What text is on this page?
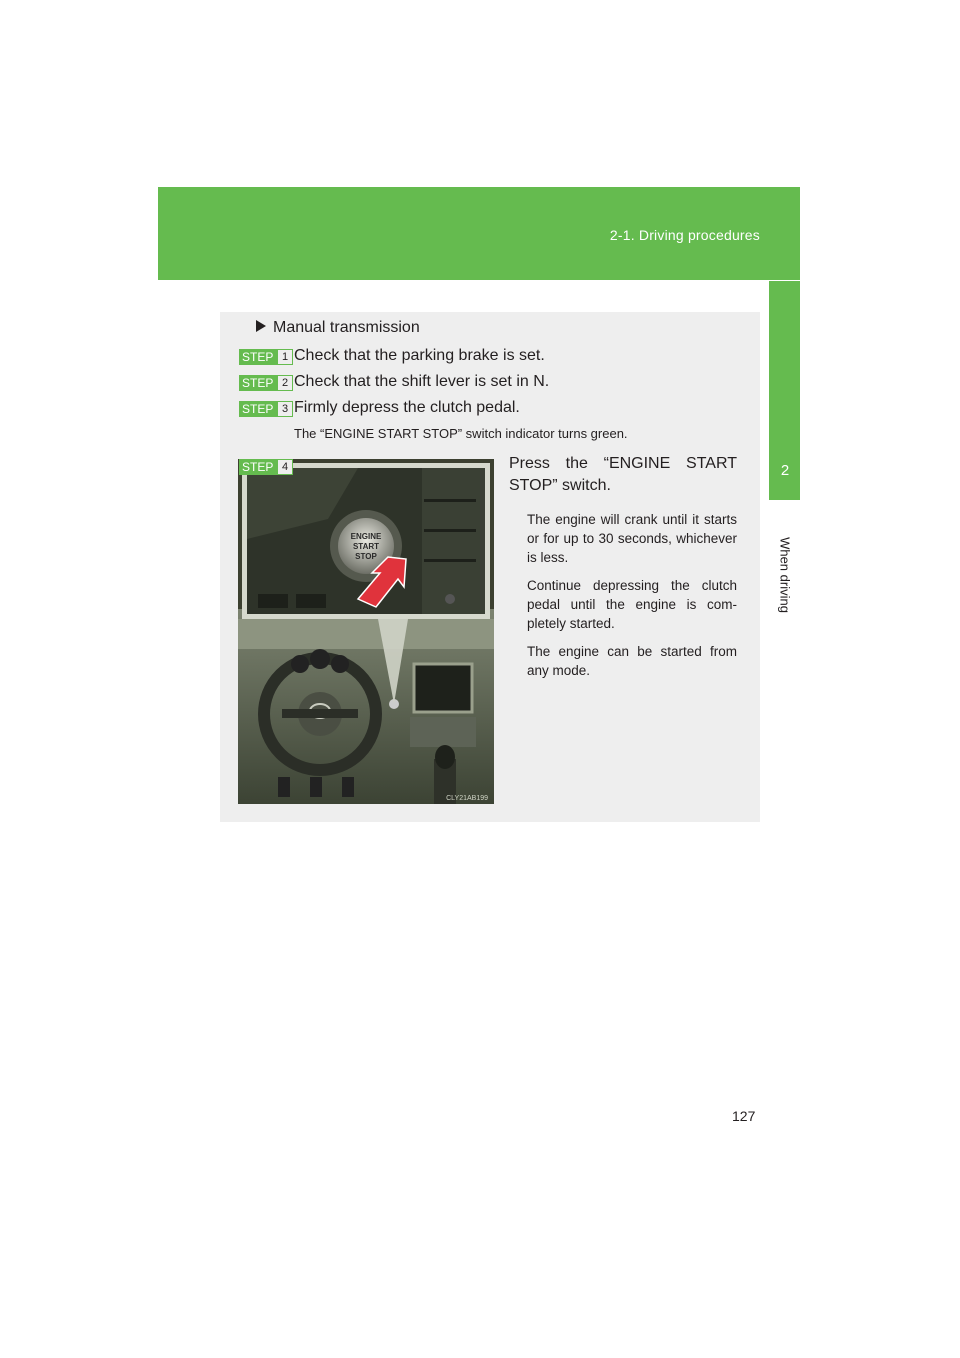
2-1. Driving procedures
2
When driving
Manual transmission
STEP 1 Check that the parking brake is set.
STEP 2 Check that the shift lever is set in N.
STEP 3 Firmly depress the clutch pedal.
The “ENGINE START STOP” switch indicator turns green.
ENGINE
START
STOP
CLY21AB199
STEP 4	Press the “ENGINE START STOP” switch.
The engine will crank until it starts or for up to 30 seconds, whichever is less.
Continue depressing the clutch pedal until the engine is com-pletely started.
The engine can be started from any mode.
127
